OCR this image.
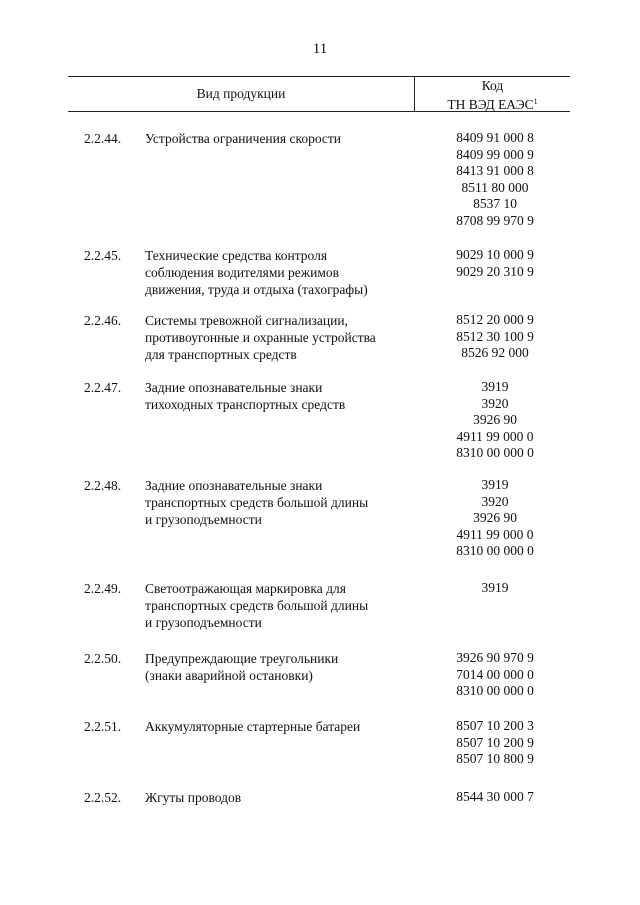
11
Вид продукции
Код
ТН ВЭД ЕАЭС$^1$
2.2.44.	Устройства ограничения скорости	8409 91 000 8
8409 99 000 9
8413 91 000 8
8511 80 000
8537 10
8708 99 970 9
2.2.45.	Технические средства контроля
соблюдения водителями режимов
движения, труда и отдыха (тахографы)
9029 10 000 9
9029 20 310 9
2.2.46.	Системы тревожной сигнализации,
противоугонные и охранные устройства
для транспортных средств
8512 20 000 9
8512 30 100 9
8526 92 000
2.2.47.	Задние опознавательные знаки
тихоходных транспортных средств
3919
3920
3926 90
4911 99 000 0
8310 00 000 0
2.2.48.	Задние опознавательные знаки
транспортных средств большой длины
и грузоподъемности
3919
3920
3926 90
4911 99 000 0
8310 00 000 0
2.2.49.	Светоотражающая маркировка для
транспортных средств большой длины
и грузоподъемности
3919
2.2.50.	Предупреждающие треугольники
(знаки аварийной остановки)
3926 90 970 9
7014 00 000 0
8310 00 000 0
2.2.51.	Аккумуляторные стартерные батареи	8507 10 200 3
8507 10 200 9
8507 10 800 9
2.2.52.	Жгуты проводов	8544 30 000 7
